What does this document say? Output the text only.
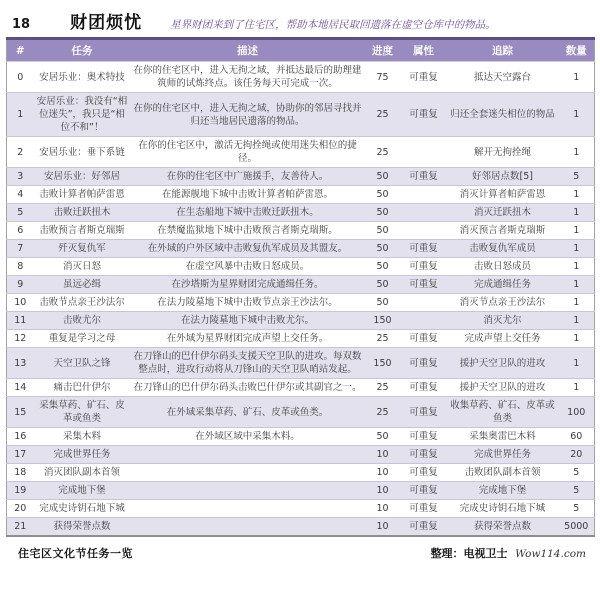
18 财团烦忧	星界财团来到了住宅区，帮助本地居民取回遗落在虚空仓库中的物品。
#	任务	描述	进度	属性	追踪	数量
0	安居乐业：奥术特技	在你的住宅区中，进入无拘之域，并抵达最后的助理建筑师的试炼终点。该任务每天可完成一次。	75	可重复	抵达天空露台	1
1	安居乐业：我没有“相位迷失”，我只是“相位不和”！	在你的住宅区中，进入无拘之域，协助你的邻居寻找并归还当地居民遗落的物品。	25	可重复	归还全套迷失相位的物品	1
2	安居乐业：垂下系链	在你的住宅区中，激活无拘拴绳或使用迷失相位的捷径。	25		解开无拘拴绳	1
3	安居乐业：好邻居	在你的住宅区中广施援手，友善待人。	50	可重复	好邻居点数[5]	5
4	击败计算者帕萨雷恩	在能源舰地下城中击败计算者帕萨雷恩。	50		消灭计算者帕萨雷恩	1
5	击败迁跃扭木	在生态船地下城中击败迁跃扭木。	50		消灭迁跃扭木	1
6	击败预言者斯克瑞斯	在禁魔监狱地下城中击败预言者斯克瑞斯。	50		消灭预言者斯克瑞斯	1
7	歼灭复仇军	在外域的户外区域中击败复仇军成员及其盟友。	50	可重复	击败复仇军成员	1
8	消灭日怒	在虚空风暴中击败日怒成员。	50	可重复	击败日怒成员	1
9	虽远必缉	在沙塔斯为星界财团完成通缉任务。	50	可重复	完成通缉任务	1
10	击败节点亲王沙法尔	在法力陵墓地下城中击败节点亲王沙法尔。	50		消灭节点亲王沙法尔	1
11	击败尤尔	在法力陵墓地下城中击败尤尔。	150		消灭尤尔	1
12	重复是学习之母	在外域为星界财团完成声望上交任务。	25	可重复	完成声望上交任务	1
13	天空卫队之锋	在刀锋山的巴什伊尔码头支援天空卫队的进攻。每双数整点时，进攻行动将从刀锋山的天空卫队哨站发起。	150	可重复	援护天空卫队的进攻	1
14	痛击巴什伊尔	在刀锋山的巴什伊尔码头击败巴什伊尔或其副官之一。	25	可重复	援护天空卫队的进攻	1
15	采集草药、矿石、皮革或鱼类	在外域采集草药、矿石、皮革或鱼类。	25	可重复	收集草药、矿石、皮革或鱼类	100
16	采集木料	在外域区域中采集木料。	50	可重复	采集奥雷巴木料	60
17	完成世界任务		10	可重复	完成世界任务	20
18	消灭团队副本首领		10	可重复	击败团队副本首领	5
19	完成地下堡		10	可重复	完成地下堡	5
20	完成史诗钥石地下城		10	可重复	完成史诗钥石地下城	5
21	获得荣誉点数		10	可重复	获得荣誉点数	5000
住宅区文化节任务一览	整理：电视卫士 Wow114.com
